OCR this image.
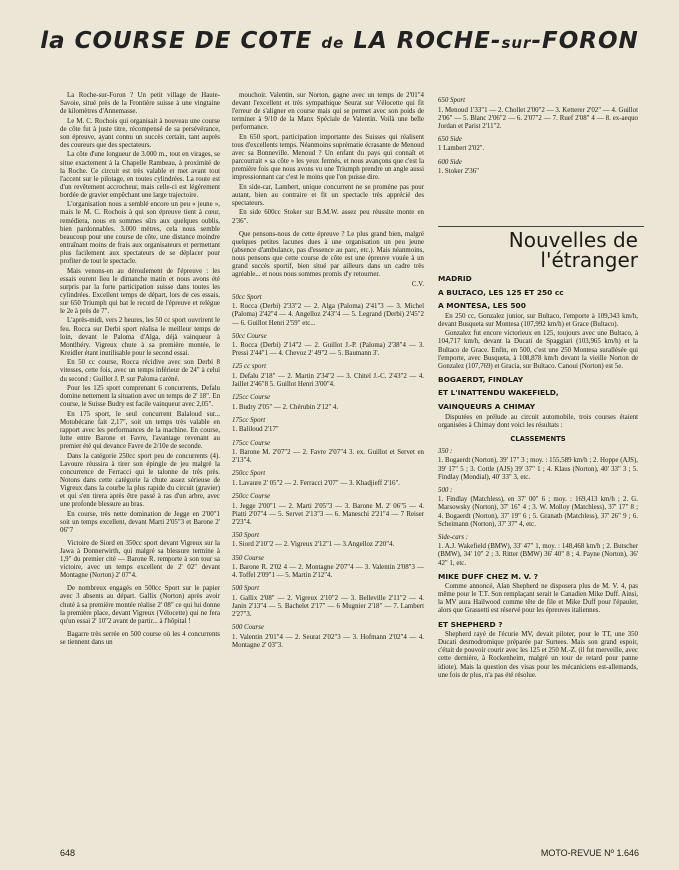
la COURSE DE COTE de LA ROCHE-sur-FORON

La Roche-sur-Foron ? Un petit village de Haute-Savoie, situé près de la Frontière suisse à une vingtaine de kilomètres d'Annemasse.

Le M. C. Rochois qui organisait à nouveau une course de côte fut à juste titre, récompensé de sa persévérance, son épreuve, ayant connu un succès certain, tant auprès des coureurs que des spectateurs.

La côte d'une longueur de 3.000 m., tout en virages, se situe exactement à la Chapelle Rambeau, à proximité de la Roche. Ce circuit est très valable et met avant tout l'accent sur le pilotage, en toutes cylindrées. La route est d'un revêtement accrocheur, mais celle-ci est légèrement bordée de gravier empêchant une large trajectoire.

L'organisation nous a semblé encore un peu « jeune », mais le M. C. Rochois à qui son épreuve tient à cœur, remédiera, nous en sommes sûrs aux quelques oublis, bien pardonnables. 3.000 mètres, cela nous semble beaucoup pour une course de côte, une distance moindre entraînant moins de frais aux organisateurs et permettant plus facilement aux spectateurs de se déplacer pour profiter de tout le spectacle.

Mais venons-en au déroulement de l'épreuve : les essais eurent lieu le dimanche matin et nous avons été surpris par la forte participation suisse dans toutes les cylindrées. Excellent temps de départ, lors de ces essais, sur 650 Triumph qui bat le record de l'épreuve et relègue le 2e à près de 7".

L'après-midi, vers 2 heures, les 50 cc sport ouvrirent le feu. Rocca sur Derbi sport réalisa le meilleur temps de loin, devant le Paloma d'Alga, déjà vainqueur à Montlhéry. Vigreux chute à sa première montée, le Kreidler étant inutilisable pour le second essai.

En 50 cc course, Rocca récidive avec son Derbi 8 vitesses, cette fois, avec un temps inférieur de 24" à celui du second : Guillot J. P. sur Paloma caréné.

Pour les 125 sport comprenant 6 concurrents, Defalu domine nettement la situation avec un temps de 2' 18". En course, le Suisse Budry est facile vainqueur avec 2,05".

En 175 sport, le seul concurrent Balaloud sur... Motobécane fait 2,17", soit un temps très valable en rapport avec les performances de la machine. En course, lutte entre Barone et Favre, l'avantage revenant au premier été qui devance Favre de 2/10e de seconde.

Dans la catégorie 250cc sport peu de concurrents (4). Lavoure réussira à tirer son épingle de jeu malgré la concurrence de Ferracci qui le talonne de très près. Notons dans cette catégorie la chute assez sérieuse de Vigreux dans la courbe la plus rapide du circuit (gravier) et qui s'en tirera après être passé à ras d'un arbre, avec une profonde blessure au bras.

En course, très nette domination de Jegge en 2'00"1 soit un temps excellent, devant Marti 2'05"3 et Barone 2' 06"7

Victoire de Siord en 350cc sport devant Vigreux sur la Jawa à Donnerwirth, qui malgré sa blessure termine à 1,9" du premier cité — Barone R. remporte à son tour sa victoire, avec un temps excellent de 2' 02" devant Montagne (Norton) 2' 07"4.

De nombreux engagés en 500cc Sport sur le papier avec 3 absents au départ. Gallix (Norton) après avoir chuté à sa première montée réalise 2' 08" ce qui lui donne la première place, devant Vigreux (Vélocette) qui ne fera qu'un essai 2' 10"2 avant de partir... à l'hôpital !

Bagarre très serrée en 500 course où les 4 concurrents se tiennent dans un

mouchoir. Valentin, sur Norton, gagne avec un temps de 2'01"4 devant l'excellent et très sympathique Seurat sur Vélocette qui fit l'erreur de s'aligner en course mais qui se permet avec son poids de terminer à 9/10 de la Manx Spéciale de Valentin. Voilà une belle performance.

En 650 sport, participation importante des Suisses qui réalisent tous d'excellents temps. Néanmoins suprématie écrasante de Menoud avec sa Bonneville. Menoud ? Un enfant du pays qui connaît et parcourrait « sa côte » les yeux fermés, et nous avançons que c'est la première fois que nous avons vu une Triumph prendre un angle aussi impressionnant car c'est le moins que l'on puisse dire.

En side-car, Lambert, unique concurrent ne se promène pas pour autant, bien au contraire et fit un spectacle très apprécié des spectateurs.

En side 600cc Stoker sur B.M.W. assez peu réussite monte en 2'36".

Que pensons-nous de cette épreuve ? Le plus grand bien, malgré quelques petites lacunes dues à une organisation un peu jeune (absence d'ambulance, pas d'essence au parc, etc.). Mais néanmoins, nous pensons que cette course de côte est une épreuve vouée à un grand succès sportif, bien situé par ailleurs dans un cadre très agréable... et nous nous sommes promis d'y retourner.

C.V.

50cc Sport

1. Rocca (Derbi) 2'33"2 — 2. Alga (Paloma) 2'41"3 — 3. Michel (Paloma) 2'42"4 — 4. Angelloz 2'43"4 — 5. Legrand (Derbi) 2'45"2 — 6. Guillot Henri 2'59" etc...

50cc Course

1. Rocca (Derbi) 2'14"2 — 2. Guillot J.-P. (Paloma) 2'38"4 — 3. Pressi 2'44"1 — 4. Chevoz 2' 49"2 — 5. Baumann 3'.

125 cc sport

1. Defalu 2'18" — 2. Martin 2'34"2 — 3. Chitel J.-C. 2'43"2 — 4. Jaillet 2'46"8 5. Guillot Henri 3'00"4.

125cc Course

1. Budry 2'05" — 2. Chérubin 2'12" 4.

175cc Sport

1. Baliloud 2'17"

175cc Course

1. Barone M. 2'07"2 — 2. Favre 2'07"4 3. ex. Guillot et Servet en 2'13"4.

250cc Sport

1. Lavaure 2' 05"2 — 2. Ferracci 2'07" — 3. Khadjieff 2'16".

250cc Course

1. Jegge 2'00"1 — 2. Marti 2'05"3 — 3. Barone M. 2' 06"5 — 4. Piatti 2'07"4 — 5. Servet 2'13"3 — 6. Maneschi 2'21"4 — 7 Reiser 2'23"4.

350 Sport

1. Siord 2'10"2 — 2. Vigreux 2'12"1 — 3.Angelloz 2'20"4.

350 Course

1. Barone R. 2'02 4 — 2. Montagne 2'07"4 — 3. Valentin 2'08"3 — 4. Toffel 2'09"1 — 5. Martin 2'12"4.

500 Sport

1. Gallix 2'08" — 2. Vigreux 2'10"2 — 3. Belleville 2'11"2 — 4. Janin 2'13"4 — 5. Bachelet 2'17" — 6 Mugnier 2'18" — 7. Lambert 2'27"3.

500 Course

1. Valentin 2'01"4 — 2. Seurat 2'02"3 — 3. Hofmann 2'02"4 — 4. Montagne 2' 03"3.

650 Sport

1. Menoud 1'33"1 — 2. Chollet 2'00"2 — 3. Ketterer 2'02" — 4. Guillot 2'06" — 5. Blanc 2'06"2 — 6. 2'07"2 — 7. Ruef 2'08" 4 — 8. ex-aequo Jordan et Parist 2'11"2.

650 Side

1 Lambert 2'02".

600 Side

1. Stoker 2'36"

Nouvelles de
l'étranger
MADRID
A BULTACO, LES 125 ET 250 cc
A MONTESA, LES 500

En 250 cc, Gonzalez junior, sur Bultaco, l'emporte à 109,343 km/h, devant Busqueta sur Montesa (107,992 km/h) et Grace (Bultaco).

Gonzalez fut encore victorieux en 125, toujours avec une Bultaco, à 104,717 km/h, devant la Ducati de Spaggiari (103,965 km/h) et la Bultaco de Grace. Enfin, en 500, c'est une 250 Montesa surallésée qui l'emporte, avec Busqueta, à 108,878 km/h devant la vieille Norton de Gonzalez (107,769) et Gracia, sur Bultaco. Canoui (Norton) est 5e.

BOGAERDT, FINDLAY
ET L'INATTENDU WAKEFIELD,
VAINQUEURS A CHIMAY

Disputées en prélude au circuit automobile, trois courses étaient organisées à Chimay dont voici les résultats :

CLASSEMENTS
350 :

1. Bogaerdt (Norton), 39' 17" 3 ; moy. : 155,589 km/h ; 2. Hoppe (AJS), 39' 17" 5 ; 3. Cottle (AJS) 39' 37" 1 ; 4. Klaus (Norton), 40' 33" 3 ; 5. Findlay (Mondial), 40' 33" 3, etc.

500 :

1. Findlay (Matchless), en 37' 00" 6 ; moy. : 169,413 km/h ; 2. G. Marsowsky (Norton), 37' 16" 4 ; 3. W. Molloy (Matchless), 37' 17" 8 ; 4. Bogaerdt (Norton), 37' 19" 6 ; 5. Granath (Matchless), 37' 26" 9 ; 6. Scheimann (Norton), 37' 37" 4, etc.

Side-cars :

1. A.J. Wakefield (BMW), 33' 47" 1, moy. : 148,468 km/h ; 2. Butscher (BMW), 34' 10" 2 ; 3. Ritter (BMW) 36' 40" 8 ; 4. Payne (Norton), 36' 42" 1, etc.

MIKE DUFF CHEZ M. V. ?

Comme annoncé, Alan Shepherd ne disposera plus de M. V. 4, pas même pour le T.T. Son remplaçant serait le Canadien Mike Duff. Ainsi, la MV aura Hailwood comme tête de file et Mike Duff pour l'épauler, alors que Grassetti est réservé pour les épreuves italiennes.

ET SHEPHERD ?

Shepherd rayé de l'écurie MV, devait piloter, pour le TT, une 350 Ducati desmodromique préparée par Surtees. Mais son grand espoir, c'était de pouvoir courir avec les 125 et 250 M.-Z. (il fut merveille, avec cette dernière, à Rockenheim, malgré un tour de retard pour panne idiote). Mais la question des visas pour les mécaniciens est-allemands, une fois de plus, n'a pas été résolue.

648	MOTO-REVUE Nº 1.646
